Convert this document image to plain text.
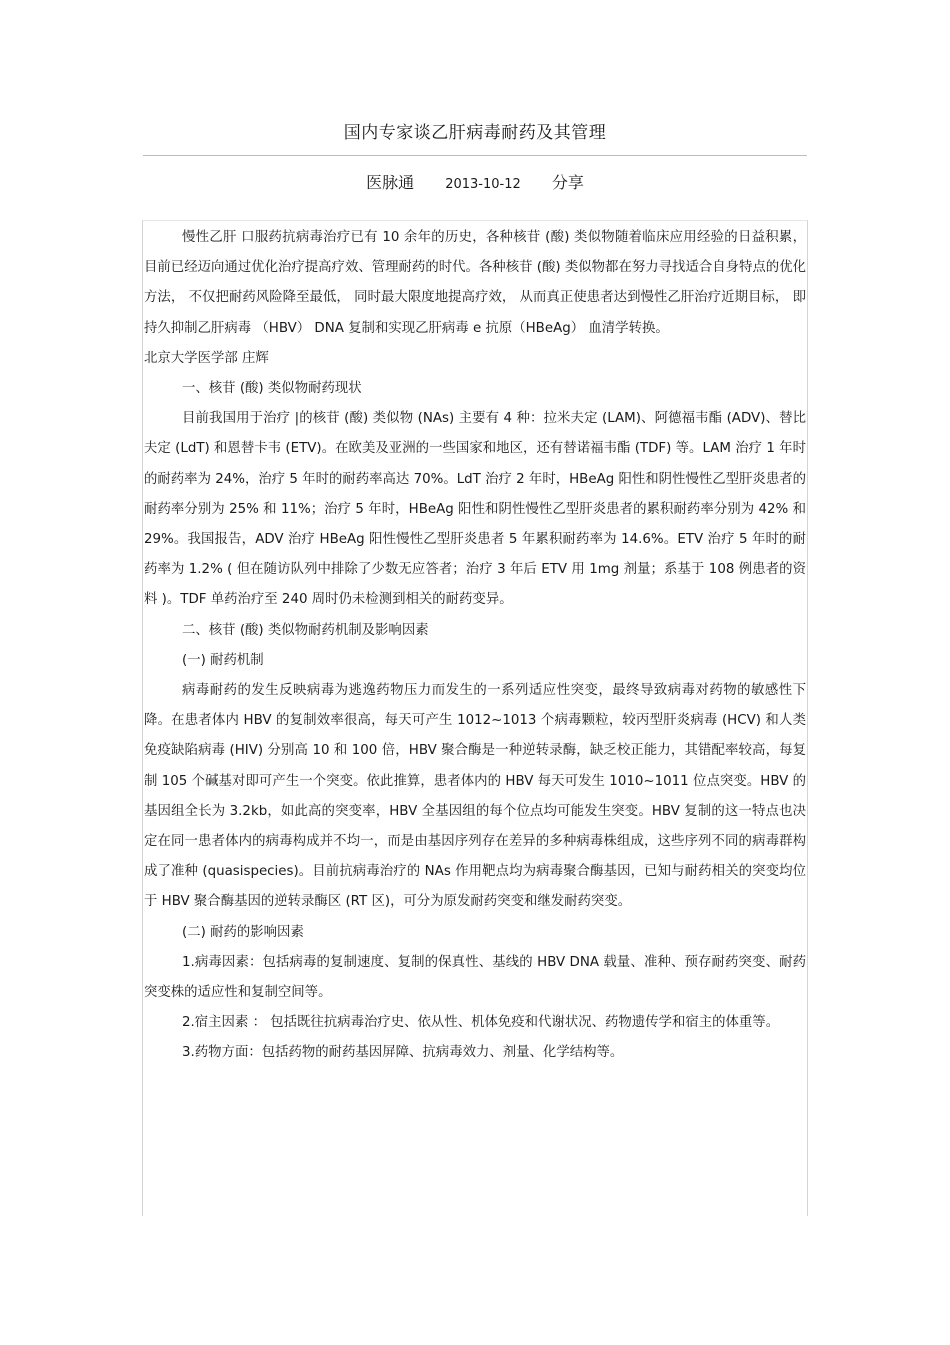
国内专家谈乙肝病毒耐药及其管理
医脉通 2013-10-12 分享

慢性乙肝 口服药抗病毒治疗已有 10 余年的历史，各种核苷 (酸) 类似物随着临床应用经验的日益积累，目前已经迈向通过优化治疗提高疗效、管理耐药的时代。各种核苷 (酸) 类似物都在努力寻找适合自身特点的优化方法， 不仅把耐药风险降至最低， 同时最大限度地提高疗效， 从而真正使患者达到慢性乙肝治疗近期目标， 即持久抑制乙肝病毒 （HBV） DNA 复制和实现乙肝病毒 e 抗原（HBeAg） 血清学转换。

北京大学医学部 庄辉

一、核苷 (酸) 类似物耐药现状

目前我国用于治疗 |的核苷 (酸) 类似物 (NAs) 主要有 4 种：拉米夫定 (LAM)、阿德福韦酯 (ADV)、替比夫定 (LdT) 和恩替卡韦 (ETV)。在欧美及亚洲的一些国家和地区，还有替诺福韦酯 (TDF) 等。LAM 治疗 1 年时的耐药率为 24%，治疗 5 年时的耐药率高达 70%。LdT 治疗 2 年时，HBeAg 阳性和阴性慢性乙型肝炎患者的耐药率分别为 25% 和 11%；治疗 5 年时，HBeAg 阳性和阴性慢性乙型肝炎患者的累积耐药率分别为 42% 和 29%。我国报告，ADV 治疗 HBeAg 阳性慢性乙型肝炎患者 5 年累积耐药率为 14.6%。ETV 治疗 5 年时的耐药率为 1.2% ( 但在随访队列中排除了少数无应答者；治疗 3 年后 ETV 用 1mg 剂量；系基于 108 例患者的资料 )。TDF 单药治疗至 240 周时仍未检测到相关的耐药变异。

二、核苷 (酸) 类似物耐药机制及影响因素

(一) 耐药机制

病毒耐药的发生反映病毒为逃逸药物压力而发生的一系列适应性突变，最终导致病毒对药物的敏感性下降。在患者体内 HBV 的复制效率很高，每天可产生 1012~1013 个病毒颗粒，较丙型肝炎病毒 (HCV) 和人类免疫缺陷病毒 (HIV) 分别高 10 和 100 倍，HBV 聚合酶是一种逆转录酶，缺乏校正能力，其错配率较高，每复制 105 个碱基对即可产生一个突变。依此推算，患者体内的 HBV 每天可发生 1010~1011 位点突变。HBV 的基因组全长为 3.2kb，如此高的突变率，HBV 全基因组的每个位点均可能发生突变。HBV 复制的这一特点也决定在同一患者体内的病毒构成并不均一，而是由基因序列存在差异的多种病毒株组成，这些序列不同的病毒群构成了准种 (quasispecies)。目前抗病毒治疗的 NAs 作用靶点均为病毒聚合酶基因，已知与耐药相关的突变均位于 HBV 聚合酶基因的逆转录酶区 (RT 区)，可分为原发耐药突变和继发耐药突变。

(二) 耐药的影响因素

1.病毒因素：包括病毒的复制速度、复制的保真性、基线的 HBV DNA 载量、准种、预存耐药突变、耐药突变株的适应性和复制空间等。

2.宿主因素 ： 包括既往抗病毒治疗史、依从性、机体免疫和代谢状况、药物遗传学和宿主的体重等。

3.药物方面：包括药物的耐药基因屏障、抗病毒效力、剂量、化学结构等。
